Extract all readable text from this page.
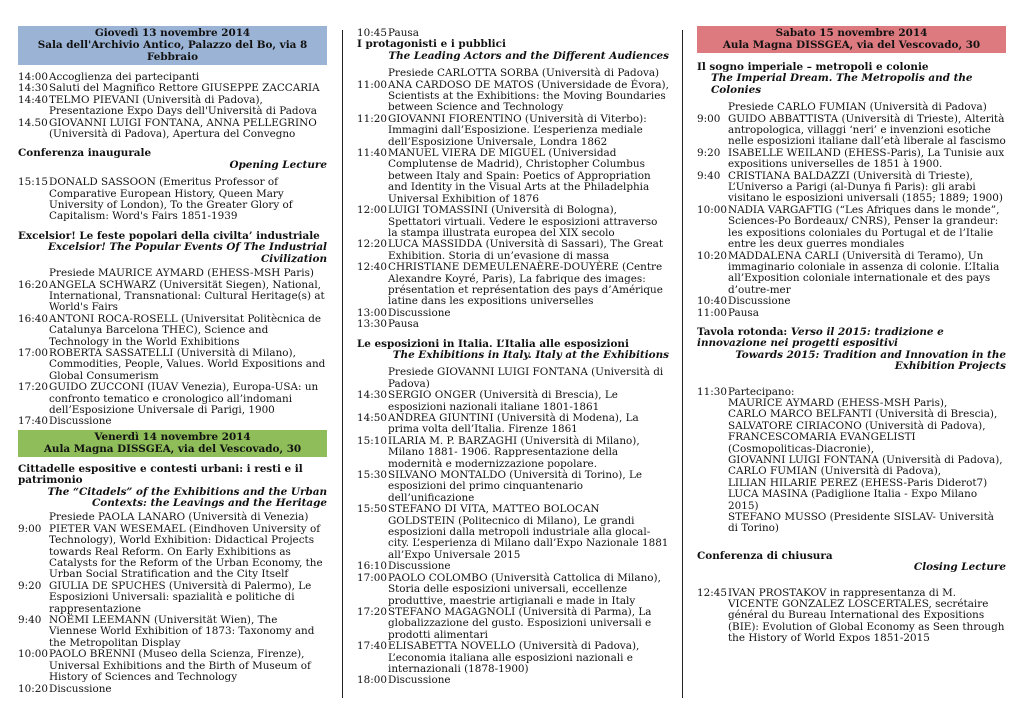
Giovedì 13 novembre 2014
Sala dell'Archivio Antico, Palazzo del Bo, via 8 Febbraio
14:00 Accoglienza dei partecipanti
14:30 Saluti del Magnifico Rettore GIUSEPPE ZACCARIA
14:40 TELMO PIEVANI (Università di Padova), Presentazione Expo Days dell'Università di Padova
14.50 GIOVANNI LUIGI FONTANA, ANNA PELLEGRINO (Università di Padova), Apertura del Convegno
Conferenza inaugurale
Opening Lecture
15:15 DONALD SASSOON (Emeritus Professor of Comparative European History, Queen Mary University of London), To the Greater Glory of Capitalism: Word's Fairs 1851-1939
Excelsior! Le feste popolari della civilta’ industriale
Excelsior! The Popular Events Of The Industrial Civilization
Presiede MAURICE AYMARD (EHESS-MSH Paris)
16:20 ANGELA SCHWARZ (Universität Siegen), National, International, Transnational: Cultural Heritage(s) at World's Fairs
16:40 ANTONI ROCA-ROSELL (Universitat Politècnica de Catalunya Barcelona THEC), Science and Technology in the World Exhibitions
17:00 ROBERTA SASSATELLI (Università di Milano), Commodities, People, Values. World Expositions and Global Consumerism
17:20 GUIDO ZUCCONI (IUAV Venezia), Europa-USA: un confronto tematico e cronologico all’indomani dell’Esposizione Universale di Parigi, 1900
17:40 Discussione
Venerdì 14 novembre 2014
Aula Magna DISSGEA, via del Vescovado, 30
Cittadelle espositive e contesti urbani: i resti e il patrimonio
The “Citadels” of the Exhibitions and the Urban Contexts: the Leavings and the Heritage
Presiede PAOLA LANARO (Università di Venezia)
9:00 PIETER VAN WESEMAEL (Eindhoven University of Technology), World Exhibition: Didactical Projects towards Real Reform. On Early Exhibitions as Catalysts for the Reform of the Urban Economy, the Urban Social Stratification and the City Itself
9:20 GIULIA DE SPUCHES (Università di Palermo), Le Esposizioni Universali: spazialità e politiche di rappresentazione
9:40 NOËMI LEEMANN (Universität Wien), The Viennese World Exhibition of 1873: Taxonomy and the Metropolitan Display
10:00 PAOLO BRENNI (Museo della Scienza, Firenze), Universal Exhibitions and the Birth of Museum of History of Sciences and Technology
10:20 Discussione
10:45 Pausa
I protagonisti e i pubblici
The Leading Actors and the Different Audiences
Presiede CARLOTTA SORBA (Università di Padova)
11:00 ANA CARDOSO DE MATOS (Universidade de Évora), Scientists at the Exhibitions: the Moving Boundaries between Science and Technology
11:20 GIOVANNI FIORENTINO (Università di Viterbo): Immagini dall’Esposizione. L’esperienza mediale dell’Esposizione Universale, Londra 1862
11:40 MANUEL VIERA DE MIGUEL (Universidad Complutense de Madrid), Christopher Columbus between Italy and Spain: Poetics of Appropriation and Identity in the Visual Arts at the Philadelphia Universal Exhibition of 1876
12:00 LUIGI TOMASSINI (Università di Bologna), Spettatori virtuali. Vedere le esposizioni attraverso la stampa illustrata europea del XIX secolo
12:20 LUCA MASSIDDA (Università di Sassari), The Great Exhibition. Storia di un’evasione di massa
12:40 CHRISTIANE DEMEULENAÈRE-DOUYÈRE (Centre Alexandre Koyré, Paris), La fabrique des images: présentation et représentation des pays d’Amérique latine dans les expositions universelles
13:00 Discussione
13:30 Pausa
Le esposizioni in Italia. L’Italia alle esposizioni
The Exhibitions in Italy. Italy at the Exhibitions
Presiede GIOVANNI LUIGI FONTANA (Università di Padova)
14:30 SERGIO ONGER (Università di Brescia), Le esposizioni nazionali italiane 1801-1861
14:50 ANDREA GIUNTINI (Università di Modena), La prima volta dell’Italia. Firenze 1861
15:10 ILARIA M. P. BARZAGHI (Università di Milano), Milano 1881- 1906. Rappresentazione della modernità e modernizzazione popolare.
15:30 SILVANO MONTALDO (Università di Torino), Le esposizioni del primo cinquantenario dell’unificazione
15:50 STEFANO DI VITA, MATTEO BOLOCAN GOLDSTEIN (Politecnico di Milano), Le grandi esposizioni dalla metropoli industriale alla glocal-city. L’esperienza di Milano dall’Expo Nazionale 1881 all’Expo Universale 2015
16:10 Discussione
17:00 PAOLO COLOMBO (Università Cattolica di Milano), Storia delle esposizioni universali, eccellenze produttive, maestrie artigianali e made in Italy
17:20 STEFANO MAGAGNOLI (Università di Parma), La globalizzazione del gusto. Esposizioni universali e prodotti alimentari
17:40 ELISABETTA NOVELLO (Università di Padova), L’economia italiana alle esposizioni nazionali e internazionali (1878-1900)
18:00 Discussione
Sabato 15 novembre 2014
Aula Magna DISSGEA, via del Vescovado, 30
Il sogno imperiale – metropoli e colonie
The Imperial Dream. The Metropolis and the Colonies
Presiede CARLO FUMIAN (Università di Padova)
9:00 GUIDO ABBATTISTA (Università di Trieste), Alterità antropologica, villaggi ‘neri’ e invenzioni esotiche nelle esposizioni italiane dall’età liberale al fascismo
9:20 ISABELLE WEILAND (EHESS-Paris), La Tunisie aux expositions universelles de 1851 à 1900.
9:40 CRISTIANA BALDAZZI (Università di Trieste), L’Universo a Parigi (al-Dunya fi Paris): gli arabi visitano le esposizioni universali (1855; 1889; 1900)
10:00 NADIA VARGAFTIG (“Les Afriques dans le monde”, Sciences-Po Bordeaux/ CNRS), Penser la grandeur: les expositions coloniales du Portugal et de l’Italie entre les deux guerres mondiales
10:20 MADDALENA CARLI (Università di Teramo), Un immaginario coloniale in assenza di colonie. L’Italia all’Exposition coloniale internationale et des pays d’outre-mer
10:40 Discussione
11:00 Pausa
Tavola rotonda: Verso il 2015: tradizione e innovazione nei progetti espositivi
Towards 2015: Tradition and Innovation in the Exhibition Projects
11:30 Partecipano:
MAURICE AYMARD (EHESS-MSH Paris),
CARLO MARCO BELFANTI (Università di Brescia),
SALVATORE CIRIACONO (Università di Padova),
FRANCESCOMARIA EVANGELISTI (Cosmopoliticas-Diacronie),
GIOVANNI LUIGI FONTANA (Università di Padova),
CARLO FUMIAN (Università di Padova),
LILIAN HILARIE PEREZ (EHESS-Paris Diderot7)
LUCA MASINA (Padiglione Italia - Expo Milano 2015)
STEFANO MUSSO (Presidente SISLAV- Università di Torino)
Conferenza di chiusura
Closing Lecture
12:45 IVAN PROSTAKOV in rappresentanza di M. VICENTE GONZALEZ LOSCERTALES, secrétaire général du Bureau International des Expositions (BIE): Evolution of Global Economy as Seen through the History of World Expos 1851-2015
